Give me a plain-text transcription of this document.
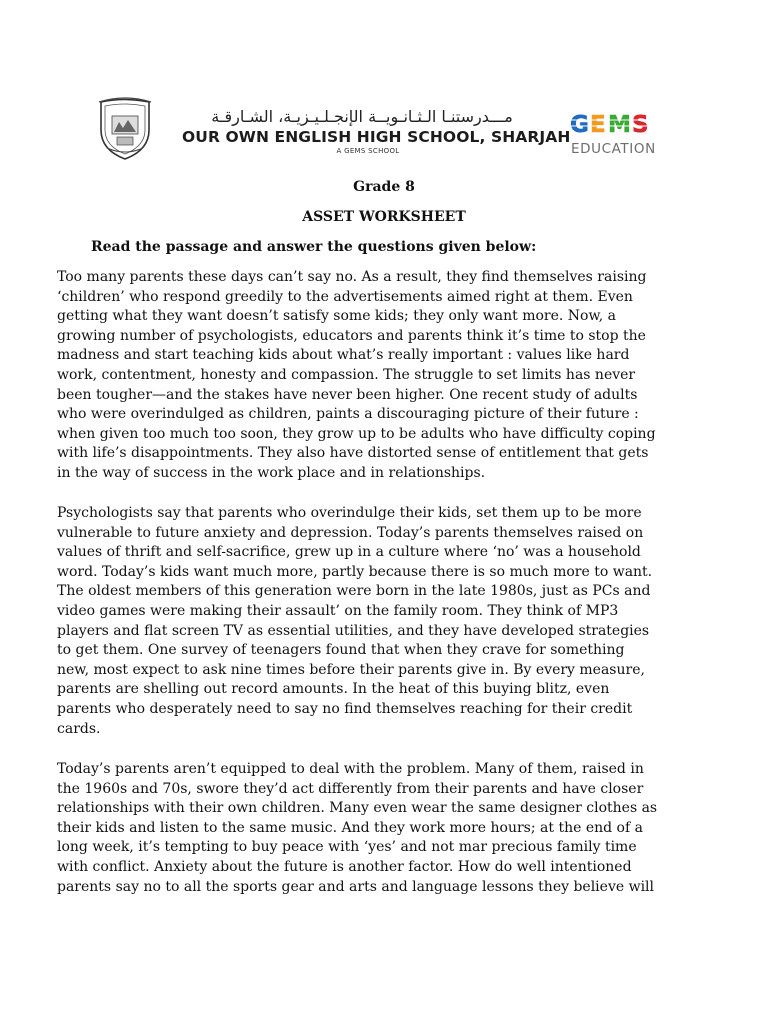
مـــدرستنـا الـثـانـويــة الإنجـلـيـزيـة، الشـارقـة
OUR OWN ENGLISH HIGH SCHOOL, SHARJAH
A GEMS SCHOOL
G E M S
EDUCATION
Grade 8
ASSET WORKSHEET
Read the passage and answer the questions given below:
Too many parents these days can’t say no. As a result, they find themselves raising
‘children’ who respond greedily to the advertisements aimed right at them. Even
getting what they want doesn’t satisfy some kids; they only want more. Now, a
growing number of psychologists, educators and parents think it’s time to stop the
madness and start teaching kids about what’s really important : values like hard
work, contentment, honesty and compassion. The struggle to set limits has never
been tougher—and the stakes have never been higher. One recent study of adults
who were overindulged as children, paints a discouraging picture of their future :
when given too much too soon, they grow up to be adults who have difficulty coping
with life’s disappointments. They also have distorted sense of entitlement that gets
in the way of success in the work place and in relationships.
Psychologists say that parents who overindulge their kids, set them up to be more
vulnerable to future anxiety and depression. Today’s parents themselves raised on
values of thrift and self-sacrifice, grew up in a culture where ‘no’ was a household
word. Today’s kids want much more, partly because there is so much more to want.
The oldest members of this generation were born in the late 1980s, just as PCs and
video games were making their assault’ on the family room. They think of MP3
players and flat screen TV as essential utilities, and they have developed strategies
to get them. One survey of teenagers found that when they crave for something
new, most expect to ask nine times before their parents give in. By every measure,
parents are shelling out record amounts. In the heat of this buying blitz, even
parents who desperately need to say no find themselves reaching for their credit
cards.
Today’s parents aren’t equipped to deal with the problem. Many of them, raised in
the 1960s and 70s, swore they’d act differently from their parents and have closer
relationships with their own children. Many even wear the same designer clothes as
their kids and listen to the same music. And they work more hours; at the end of a
long week, it’s tempting to buy peace with ‘yes’ and not mar precious family time
with conflict. Anxiety about the future is another factor. How do well intentioned
parents say no to all the sports gear and arts and language lessons they believe will
